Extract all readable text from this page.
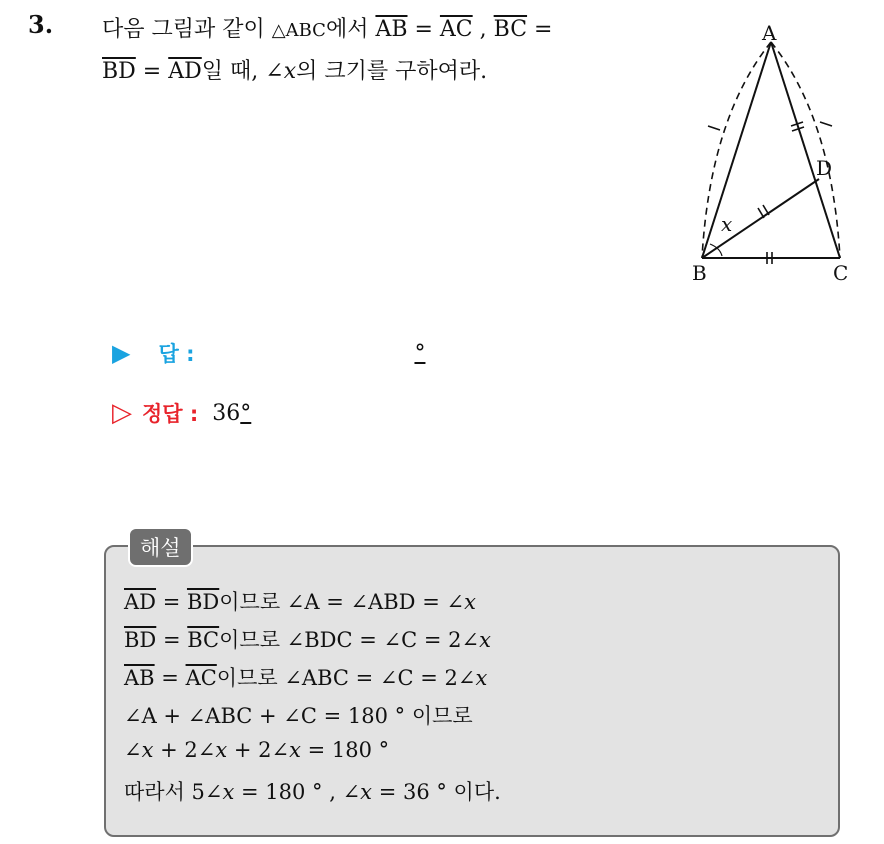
3. 다음 그림과 같이 △ABC에서 $\overline{AB} = \overline{AC}$ , $\overline{BC}$ =
$\overline{BD} = \overline{AD}$일 때, ∠x의 크기를 구하여라.
A
B	C
D
x
▶ 답 :	°
▷ 정답 : 36 °
해설
$\overline{AD} = \overline{BD}$이므로 ∠A = ∠ABD = ∠x
$\overline{BD} = \overline{BC}$이므로 ∠BDC = ∠C = 2∠x
$\overline{AB} = \overline{AC}$이므로 ∠ABC = ∠C = 2∠x
∠A + ∠ABC + ∠C = 180 ° 이므로
∠x + 2∠x + 2∠x = 180 °
따라서 5∠x = 180 ° , ∠x = 36 ° 이다.
